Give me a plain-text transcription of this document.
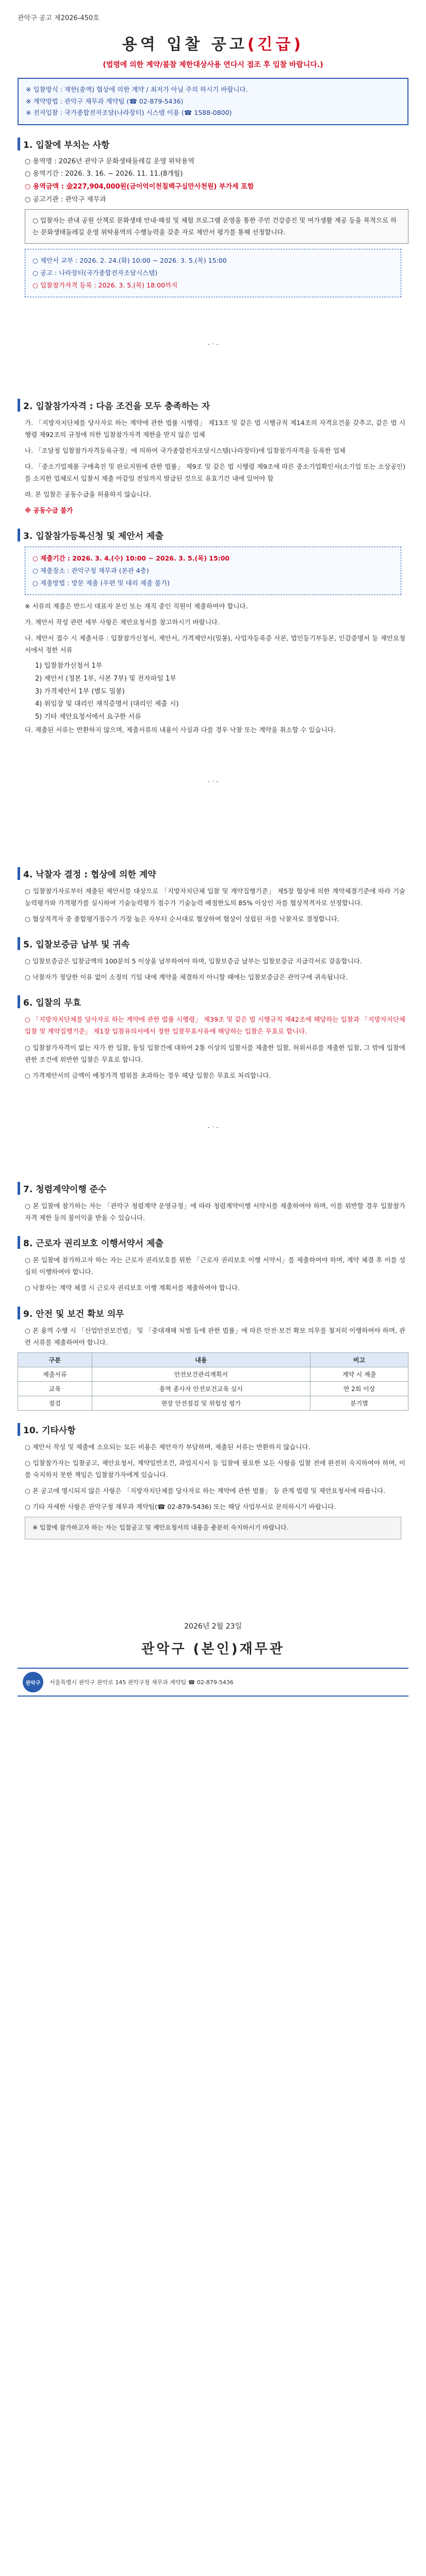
관악구 공고 제2026-450호
용역 입찰 공고(긴급)
(법령에 의한 계약/불참 제한대상사용 연다시 접조 후 입찰 바랍니다.)
※ 입찰방식 : 제한(총액) 협상에 의한 계약 / 최저가 아님 주의 하시기 바랍니다.
※ 계약방법 : 관악구 재무과 계약팀 (☎ 02-879-5436)
※ 전자입찰 : 국가종합전자조달(나라장터) 시스템 이용 (☎ 1588-0800)
1. 입찰에 부치는 사항
○ 용역명 : 2026년 관악구 문화생태둘레길 운영 위탁용역
○ 용역기간 : 2026. 3. 16. ~ 2026. 11. 11.(8개월)
○ 용역금액 : 金227,904,000원(금이억이천칠백구십만사천원) 부가세 포함
○ 공고기관 : 관악구 재무과
○ 입찰자는 관내 공원 산책로 문화생태 안내·해설 및 체험 프로그램 운영을 통한 주민 건강증진 및 여가생활 제공 등을 목적으로 하는 문화생태둘레길 운영 위탁용역의 수행능력을 갖춘 자로 제안서 평가를 통해 선정합니다.
○ 제안서 교부 : 2026. 2. 24.(화) 10:00 ~ 2026. 3. 5.(목) 15:00
○ 공고 : 나라장터(국가종합전자조달시스템)
○ 입찰참가자격 등록 : 2026. 3. 5.(목) 18:00까지
- · -
2. 입찰참가자격 : 다음 조건을 모두 충족하는 자
가. 「지방자치단체를 당사자로 하는 계약에 관한 법률 시행령」 제13조 및 같은 법 시행규칙 제14조의 자격요건을 갖추고, 같은 법 시행령 제92조의 규정에 의한 입찰참가자격 제한을 받지 않은 업체
나. 「조달청 입찰참가자격등록규정」에 의하여 국가종합전자조달시스템(나라장터)에 입찰참가자격을 등록한 업체
다. 「중소기업제품 구매촉진 및 판로지원에 관한 법률」 제9조 및 같은 법 시행령 제9조에 따른 중소기업확인서(소기업 또는 소상공인)를 소지한 업체로서 입찰서 제출 마감일 전일까지 발급된 것으로 유효기간 내에 있어야 함
라. 본 입찰은 공동수급을 허용하지 않습니다.
※ 공동수급 불가
3. 입찰참가등록신청 및 제안서 제출
○ 제출기간 : 2026. 3. 4.(수) 10:00 ~ 2026. 3. 5.(목) 15:00
○ 제출장소 : 관악구청 재무과 (본관 4층)
○ 제출방법 : 방문 제출 (우편 및 대리 제출 불가)
※ 서류의 제출은 반드시 대표자 본인 또는 재직 중인 직원이 제출하여야 합니다.
가. 제안서 작성 관련 세부 사항은 제안요청서를 참고하시기 바랍니다.
나. 제안서 접수 시 제출서류 : 입찰참가신청서, 제안서, 가격제안서(밀봉), 사업자등록증 사본, 법인등기부등본, 인감증명서 등 제안요청서에서 정한 서류
1) 입찰참가신청서 1부
2) 제안서 (정본 1부, 사본 7부) 및 전자파일 1부
3) 가격제안서 1부 (별도 밀봉)
4) 위임장 및 대리인 재직증명서 (대리인 제출 시)
5) 기타 제안요청서에서 요구한 서류
다. 제출된 서류는 반환하지 않으며, 제출서류의 내용이 사실과 다를 경우 낙찰 또는 계약을 취소할 수 있습니다.
- · -
4. 낙찰자 결정 : 협상에 의한 계약
○ 입찰참가자로부터 제출된 제안서를 대상으로 「지방자치단체 입찰 및 계약집행기준」 제5장 협상에 의한 계약체결기준에 따라 기술능력평가와 가격평가를 실시하여 기술능력평가 점수가 기술능력 배점한도의 85% 이상인 자를 협상적격자로 선정합니다.
○ 협상적격자 중 종합평가점수가 가장 높은 자부터 순서대로 협상하여 협상이 성립된 자를 낙찰자로 결정합니다.
5. 입찰보증금 납부 및 귀속
○ 입찰보증금은 입찰금액의 100분의 5 이상을 납부하여야 하며, 입찰보증금 납부는 입찰보증금 지급각서로 갈음합니다.
○ 낙찰자가 정당한 이유 없이 소정의 기일 내에 계약을 체결하지 아니할 때에는 입찰보증금은 관악구에 귀속됩니다.
6. 입찰의 무효
○ 「지방자치단체를 당사자로 하는 계약에 관한 법률 시행령」 제39조 및 같은 법 시행규칙 제42조에 해당하는 입찰과 「지방자치단체 입찰 및 계약집행기준」 제1장 입찰유의서에서 정한 입찰무효사유에 해당하는 입찰은 무효로 합니다.
○ 입찰참가자격이 없는 자가 한 입찰, 동일 입찰건에 대하여 2통 이상의 입찰서를 제출한 입찰, 허위서류를 제출한 입찰, 그 밖에 입찰에 관한 조건에 위반한 입찰은 무효로 합니다.
○ 가격제안서의 금액이 예정가격 범위를 초과하는 경우 해당 입찰은 무효로 처리합니다.
- · -
7. 청렴계약이행 준수
○ 본 입찰에 참가하는 자는 「관악구 청렴계약 운영규정」에 따라 청렴계약이행 서약서를 제출하여야 하며, 이를 위반할 경우 입찰참가자격 제한 등의 불이익을 받을 수 있습니다.
8. 근로자 권리보호 이행서약서 제출
○ 본 입찰에 참가하고자 하는 자는 근로자 권리보호를 위한 「근로자 권리보호 이행 서약서」를 제출하여야 하며, 계약 체결 후 이를 성실히 이행하여야 합니다.
○ 낙찰자는 계약 체결 시 근로자 권리보호 이행 계획서를 제출하여야 합니다.
9. 안전 및 보건 확보 의무
○ 본 용역 수행 시 「산업안전보건법」 및 「중대재해 처벌 등에 관한 법률」에 따른 안전·보건 확보 의무를 철저히 이행하여야 하며, 관련 서류를 제출하여야 합니다.
구분	내용	비고
제출서류	안전보건관리계획서	계약 시 제출
교육	용역 종사자 안전보건교육 실시	연 2회 이상
점검	현장 안전점검 및 위험성 평가	분기별
10. 기타사항
○ 제안서 작성 및 제출에 소요되는 모든 비용은 제안자가 부담하며, 제출된 서류는 반환하지 않습니다.
○ 입찰참가자는 입찰공고, 제안요청서, 계약일반조건, 과업지시서 등 입찰에 필요한 모든 사항을 입찰 전에 완전히 숙지하여야 하며, 이를 숙지하지 못한 책임은 입찰참가자에게 있습니다.
○ 본 공고에 명시되지 않은 사항은 「지방자치단체를 당사자로 하는 계약에 관한 법률」 등 관계 법령 및 제안요청서에 따릅니다.
○ 기타 자세한 사항은 관악구청 재무과 계약팀(☎ 02-879-5436) 또는 해당 사업부서로 문의하시기 바랍니다.
※ 입찰에 참가하고자 하는 자는 입찰공고 및 제안요청서의 내용을 충분히 숙지하시기 바랍니다.
2026년 2월 23일
관악구 (본인)재무관
관악구	서울특별시 관악구 관악로 145 관악구청 재무과 계약팀 ☎ 02-879-5436
